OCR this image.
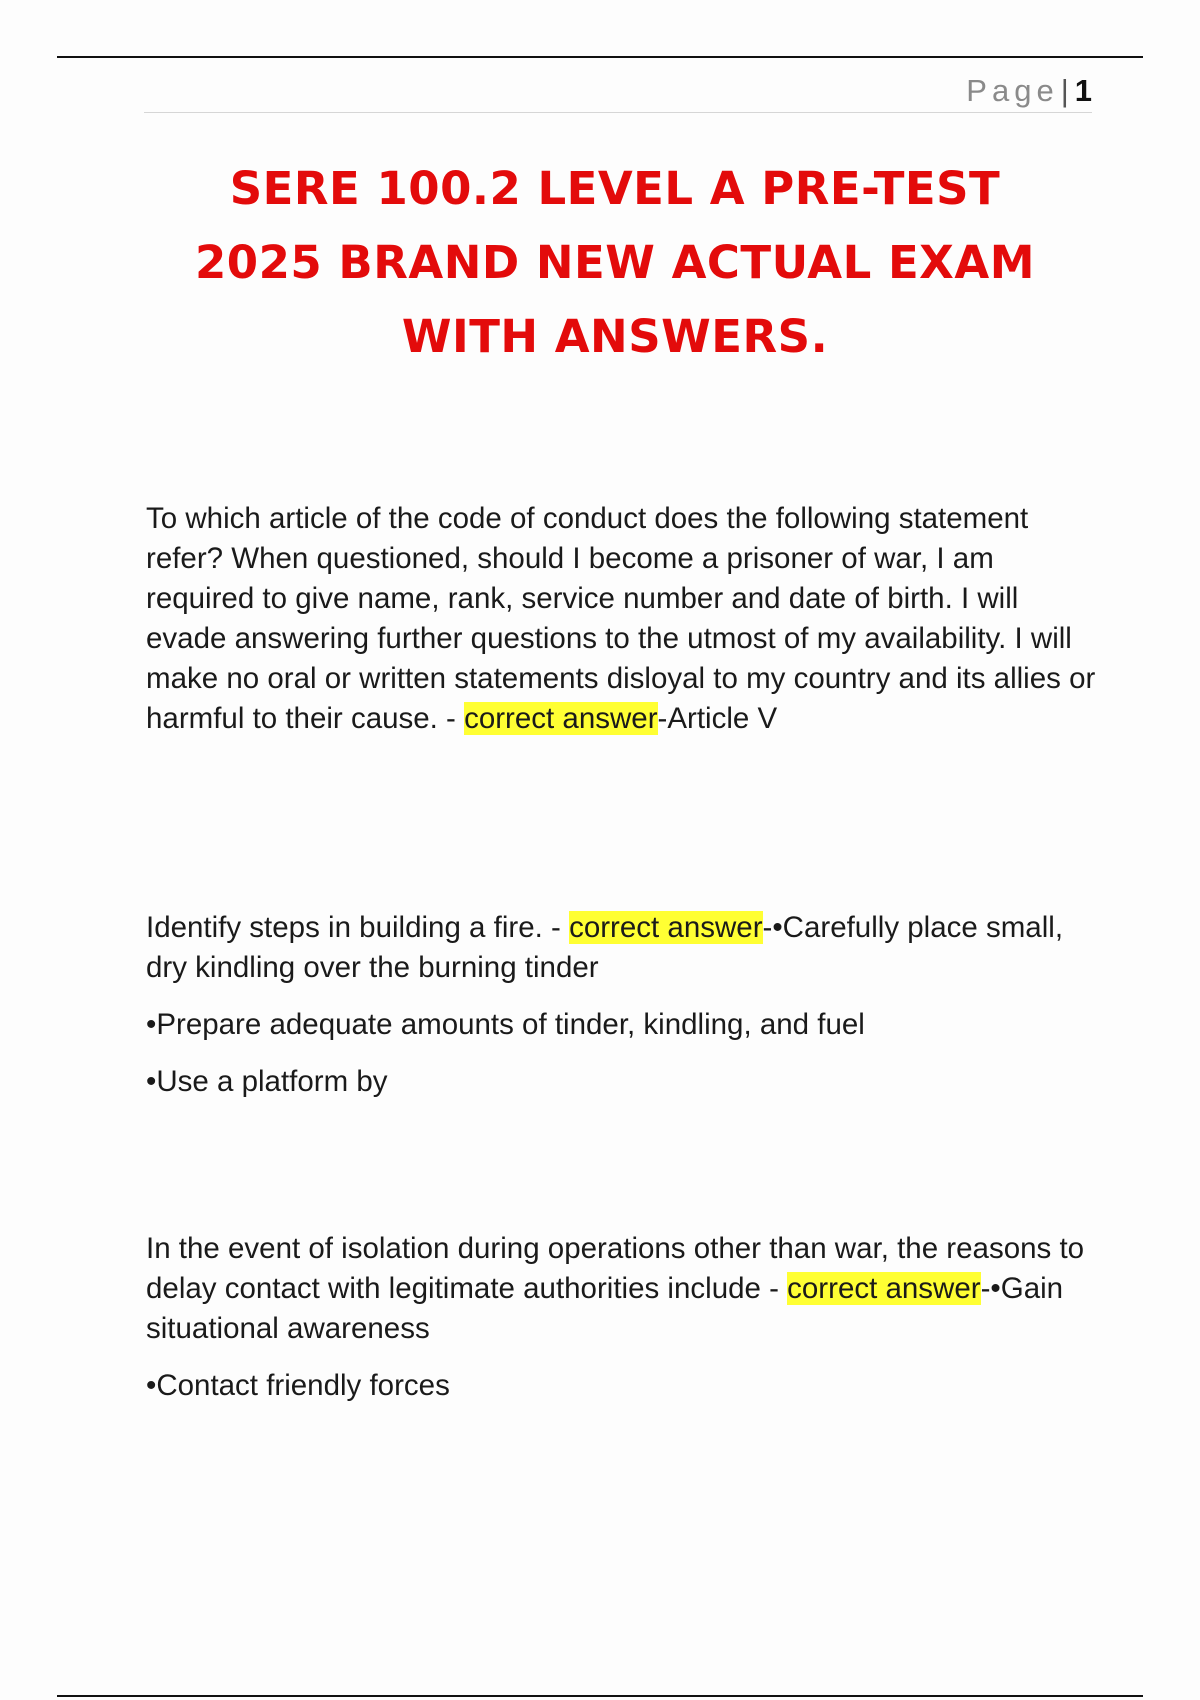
Page| 1
SERE 100.2 LEVEL A PRE-TEST
2025 BRAND NEW ACTUAL EXAM
WITH ANSWERS.

To which article of the code of conduct does the following statement refer? When questioned, should I become a prisoner of war, I am required to give name, rank, service number and date of birth. I will evade answering further questions to the utmost of my availability. I will make no oral or written statements disloyal to my country and its allies or harmful to their cause. - correct answer-Article V

Identify steps in building a fire. - correct answer-•Carefully place small, dry kindling over the burning tinder

•Prepare adequate amounts of tinder, kindling, and fuel

•Use a platform by

In the event of isolation during operations other than war, the reasons to delay contact with legitimate authorities include - correct answer-•Gain situational awareness

•Contact friendly forces
